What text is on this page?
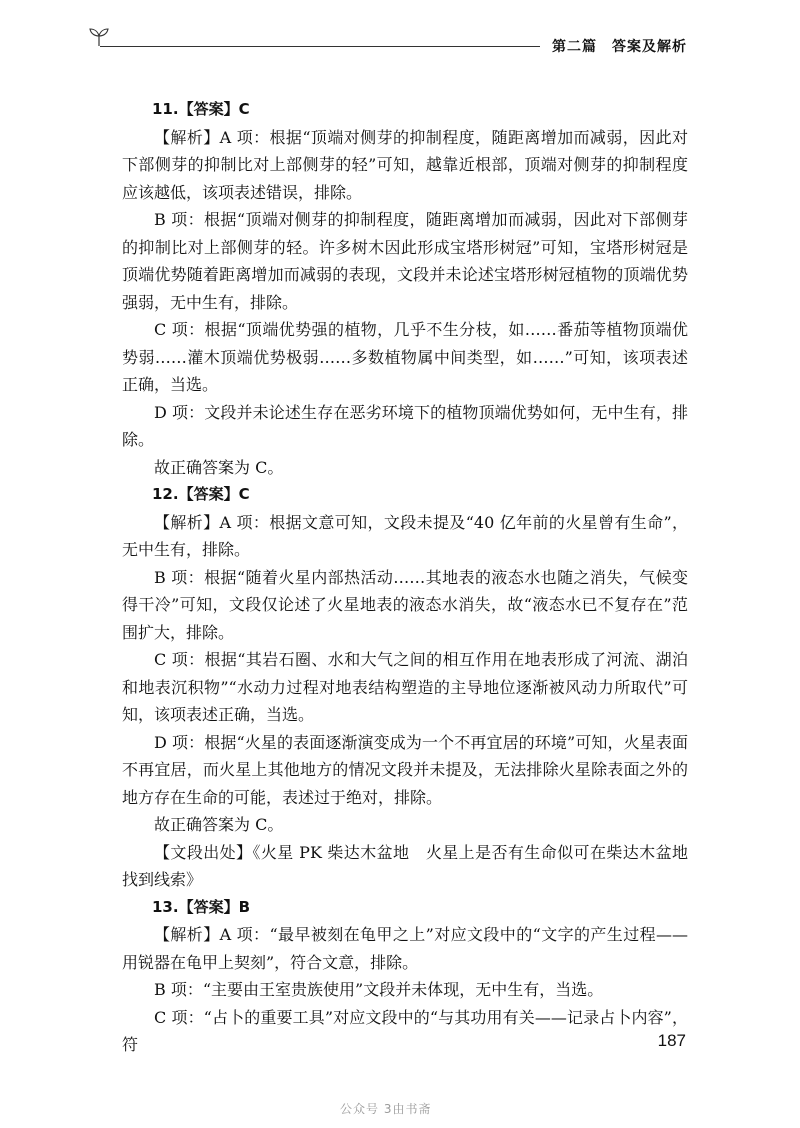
第二篇　答案及解析

11.【答案】C

【解析】A 项：根据“顶端对侧芽的抑制程度，随距离增加而减弱，因此对下部侧芽的抑制比对上部侧芽的轻”可知，越靠近根部，顶端对侧芽的抑制程度应该越低，该项表述错误，排除。

B 项：根据“顶端对侧芽的抑制程度，随距离增加而减弱，因此对下部侧芽的抑制比对上部侧芽的轻。许多树木因此形成宝塔形树冠”可知，宝塔形树冠是顶端优势随着距离增加而减弱的表现，文段并未论述宝塔形树冠植物的顶端优势强弱，无中生有，排除。

C 项：根据“顶端优势强的植物，几乎不生分枝，如……番茄等植物顶端优势弱……灌木顶端优势极弱……多数植物属中间类型，如……”可知，该项表述正确，当选。

D 项：文段并未论述生存在恶劣环境下的植物顶端优势如何，无中生有，排除。

故正确答案为 C。

12.【答案】C

【解析】A 项：根据文意可知，文段未提及“40 亿年前的火星曾有生命”，无中生有，排除。

B 项：根据“随着火星内部热活动……其地表的液态水也随之消失，气候变得干冷”可知，文段仅论述了火星地表的液态水消失，故“液态水已不复存在”范围扩大，排除。

C 项：根据“其岩石圈、水和大气之间的相互作用在地表形成了河流、湖泊和地表沉积物”“水动力过程对地表结构塑造的主导地位逐渐被风动力所取代”可知，该项表述正确，当选。

D 项：根据“火星的表面逐渐演变成为一个不再宜居的环境”可知，火星表面不再宜居，而火星上其他地方的情况文段并未提及，无法排除火星除表面之外的地方存在生命的可能，表述过于绝对，排除。

故正确答案为 C。

【文段出处】《火星 PK 柴达木盆地　火星上是否有生命似可在柴达木盆地找到线索》

13.【答案】B

【解析】A 项：“最早被刻在龟甲之上”对应文段中的“文字的产生过程——用锐器在龟甲上契刻”，符合文意，排除。

B 项：“主要由王室贵族使用”文段并未体现，无中生有，当选。

C 项：“占卜的重要工具”对应文段中的“与其功用有关——记录占卜内容”，符	187
公众号 3由书斋
